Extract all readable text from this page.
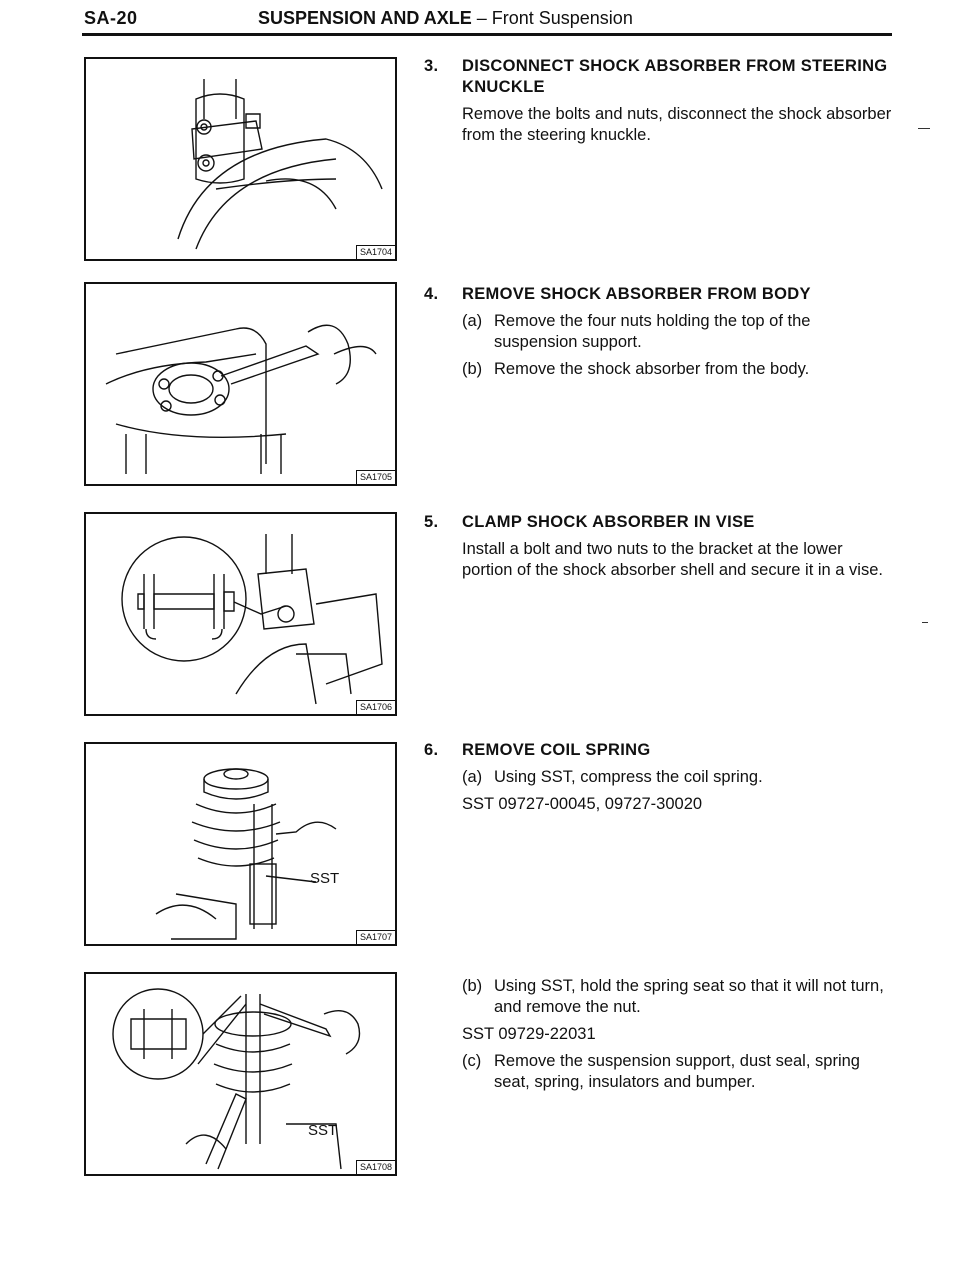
SA-20	SUSPENSION AND AXLE – Front Suspension
SA1704
SA1705
SA1706
SST
SA1707
SST
SA1708
3.	DISCONNECT SHOCK ABSORBER FROM STEERING
KNUCKLE
Remove the bolts and nuts, disconnect the shock absorber from the steering knuckle.
4.	REMOVE SHOCK ABSORBER FROM BODY
(a) Remove the four nuts holding the top of the suspension support.
(b) Remove the shock absorber from the body.
5.	CLAMP SHOCK ABSORBER IN VISE
Install a bolt and two nuts to the bracket at the lower portion of the shock absorber shell and secure it in a vise.
6.	REMOVE COIL SPRING
(a) Using SST, compress the coil spring.
SST 09727-00045, 09727-30020
(b) Using SST, hold the spring seat so that it will not turn, and remove the nut.
SST 09729-22031
(c) Remove the suspension support, dust seal, spring seat, spring, insulators and bumper.
